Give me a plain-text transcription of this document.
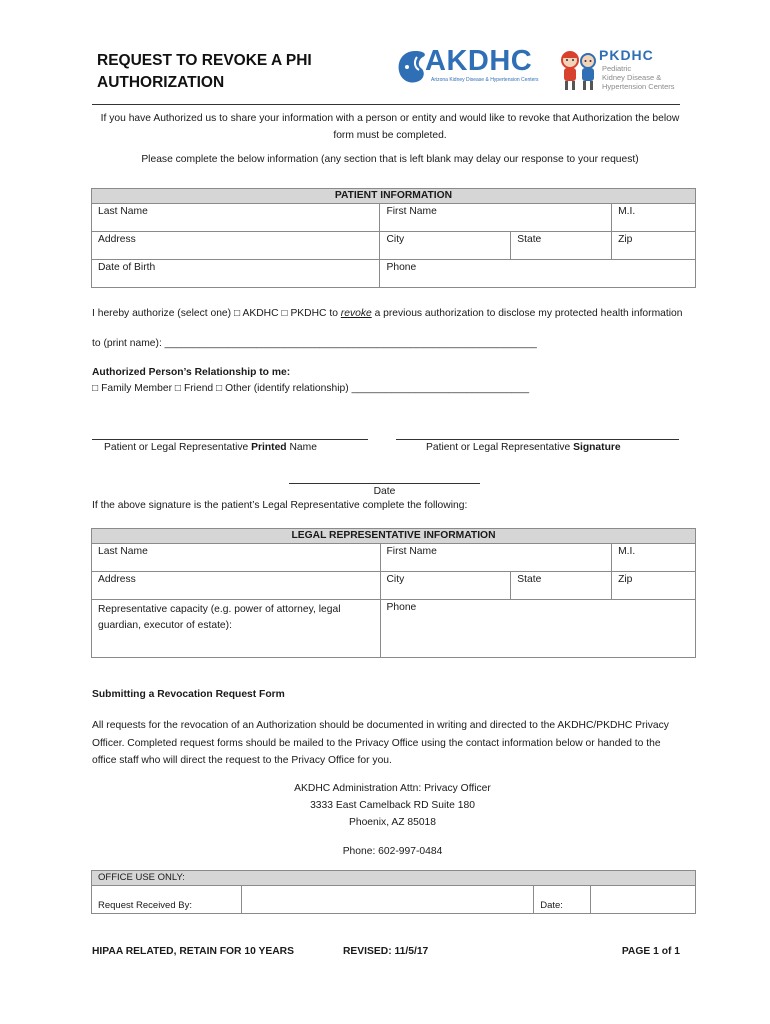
REQUEST TO REVOKE A PHI
AUTHORIZATION
AKDHC
Arizona Kidney Disease & Hypertension Centers
PKDHC
Pediatric
Kidney Disease &
Hypertension Centers
If you have Authorized us to share your information with a person or entity and would like to revoke that Authorization the below
form must be completed.
Please complete the below information (any section that is left blank may delay our response to your request)
PATIENT INFORMATION			
Last Name	First Name		M.I.
Address	City	State	Zip
Date of Birth	Phone		
I hereby authorize (select one) □ AKDHC □ PKDHC to revoke a previous authorization to disclose my protected health information
to (print name): _________________________________________________________________
Authorized Person’s Relationship to me:
□ Family Member □ Friend □ Other (identify relationship) _______________________________
Patient or Legal Representative Printed Name	Patient or Legal Representative Signature
Date
If the above signature is the patient’s Legal Representative complete the following:
LEGAL REPRESENTATIVE INFORMATION			
Last Name	First Name		M.I.
Address	City	State	Zip

Representative capacity (e.g. power of attorney, legal
guardian, executor of estate):	Phone		
Submitting a Revocation Request Form
All requests for the revocation of an Authorization should be documented in writing and directed to the AKDHC/PKDHC Privacy
Officer. Completed request forms should be mailed to the Privacy Office using the contact information below or handed to the
office staff who will direct the request to the Privacy Office for you.
AKDHC Administration Attn: Privacy Officer
3333 East Camelback RD Suite 180
Phoenix, AZ 85018
Phone: 602-997-0484
OFFICE USE ONLY:
Request Received By:		Date:	
HIPAA RELATED, RETAIN FOR 10 YEARS	REVISED: 11/5/17	PAGE 1 of 1
